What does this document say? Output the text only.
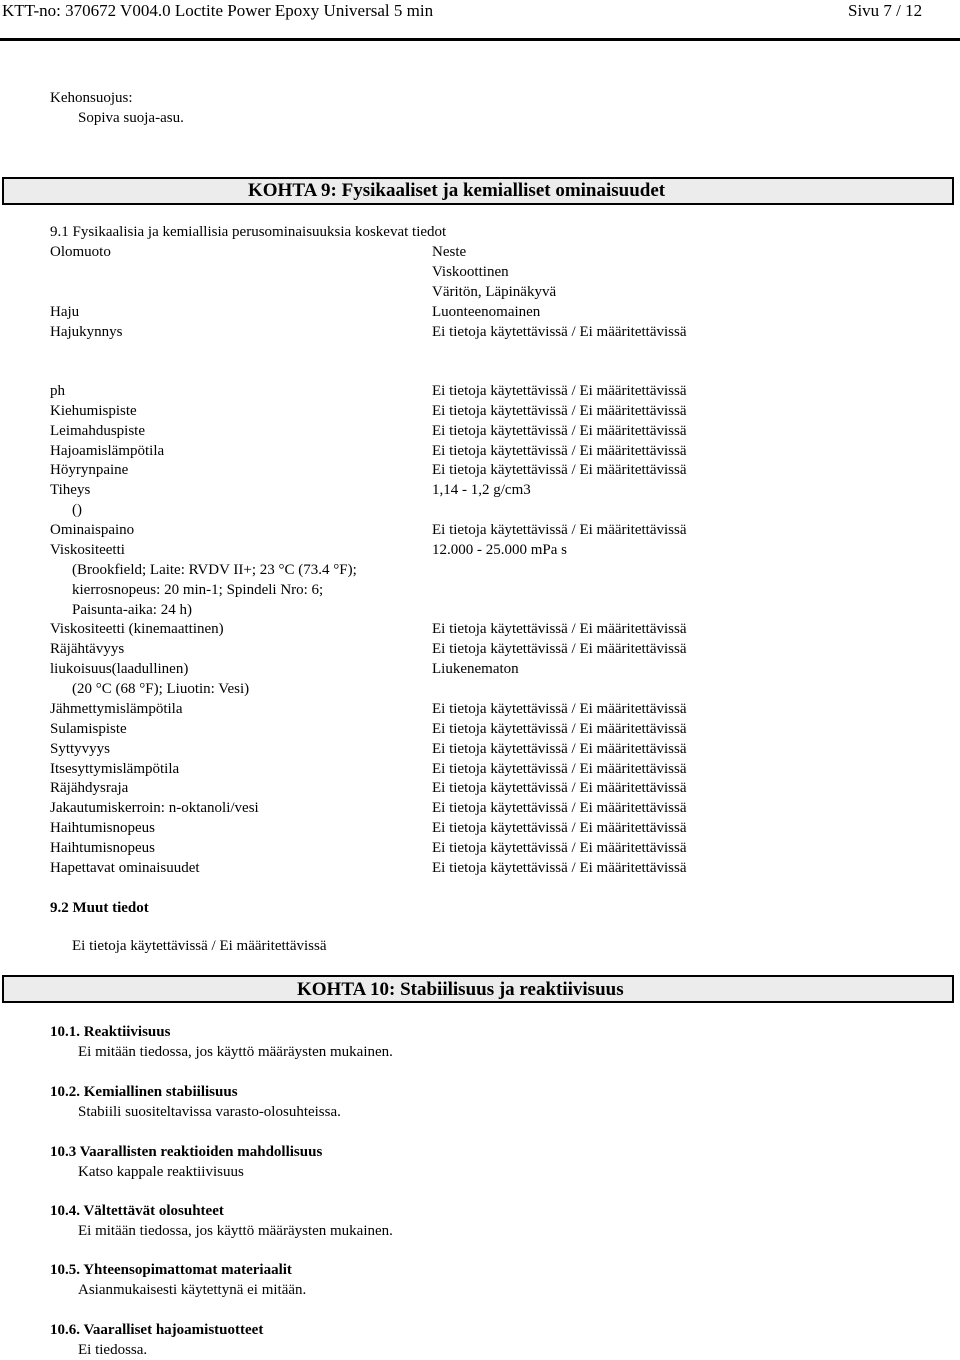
KTT-no: 370672 V004.0 Loctite Power Epoxy Universal 5 min	Sivu 7 / 12
Kehonsuojus:
Sopiva suoja-asu.
KOHTA 9: Fysikaaliset ja kemialliset ominaisuudet
9.1 Fysikaalisia ja kemiallisia perusominaisuuksia koskevat tiedot
Olomuoto	Neste
Viskoottinen
Väritön, Läpinäkyvä
Haju	Luonteenomainen
Hajukynnys	Ei tietoja käytettävissä / Ei määritettävissä
ph	Ei tietoja käytettävissä / Ei määritettävissä
Kiehumispiste	Ei tietoja käytettävissä / Ei määritettävissä
Leimahduspiste	Ei tietoja käytettävissä / Ei määritettävissä
Hajoamislämpötila	Ei tietoja käytettävissä / Ei määritettävissä
Höyrynpaine	Ei tietoja käytettävissä / Ei määritettävissä
Tiheys	1,14 - 1,2 g/cm3
()
Ominaispaino	Ei tietoja käytettävissä / Ei määritettävissä
Viskositeetti	12.000 - 25.000 mPa s
(Brookfield; Laite: RVDV II+; 23 °C (73.4 °F);
kierrosnopeus: 20 min-1; Spindeli Nro: 6;
Paisunta-aika: 24 h)
Viskositeetti (kinemaattinen)	Ei tietoja käytettävissä / Ei määritettävissä
Räjähtävyys	Ei tietoja käytettävissä / Ei määritettävissä
liukoisuus(laadullinen)	Liukenematon
(20 °C (68 °F); Liuotin: Vesi)
Jähmettymislämpötila	Ei tietoja käytettävissä / Ei määritettävissä
Sulamispiste	Ei tietoja käytettävissä / Ei määritettävissä
Syttyvyys	Ei tietoja käytettävissä / Ei määritettävissä
Itsesyttymislämpötila	Ei tietoja käytettävissä / Ei määritettävissä
Räjähdysraja	Ei tietoja käytettävissä / Ei määritettävissä
Jakautumiskerroin: n-oktanoli/vesi	Ei tietoja käytettävissä / Ei määritettävissä
Haihtumisnopeus	Ei tietoja käytettävissä / Ei määritettävissä
Haihtumisnopeus	Ei tietoja käytettävissä / Ei määritettävissä
Hapettavat ominaisuudet	Ei tietoja käytettävissä / Ei määritettävissä
9.2 Muut tiedot
Ei tietoja käytettävissä / Ei määritettävissä
KOHTA 10: Stabiilisuus ja reaktiivisuus
10.1. Reaktiivisuus
Ei mitään tiedossa, jos käyttö määräysten mukainen.
10.2. Kemiallinen stabiilisuus
Stabiili suositeltavissa varasto-olosuhteissa.
10.3 Vaarallisten reaktioiden mahdollisuus
Katso kappale reaktiivisuus
10.4. Vältettävät olosuhteet
Ei mitään tiedossa, jos käyttö määräysten mukainen.
10.5. Yhteensopimattomat materiaalit
Asianmukaisesti käytettynä ei mitään.
10.6. Vaaralliset hajoamistuotteet
Ei tiedossa.
